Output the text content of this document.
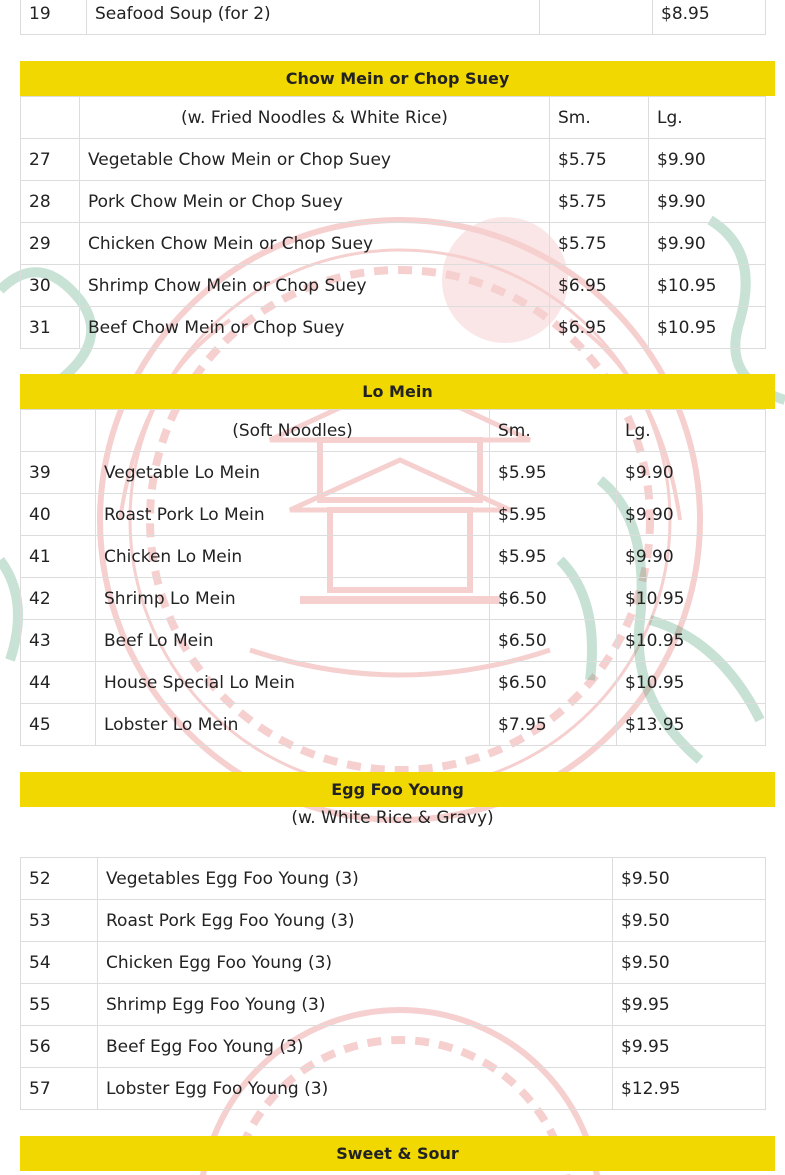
19	Seafood Soup (for 2)		$8.95
Chow Mein or Chop Suey
	(w. Fried Noodles & White Rice)	Sm.	Lg.
27	Vegetable Chow Mein or Chop Suey	$5.75	$9.90
28	Pork Chow Mein or Chop Suey	$5.75	$9.90
29	Chicken Chow Mein or Chop Suey	$5.75	$9.90
30	Shrimp Chow Mein or Chop Suey	$6.95	$10.95
31	Beef Chow Mein or Chop Suey	$6.95	$10.95
Lo Mein
	(Soft Noodles)	Sm.	Lg.
39	Vegetable Lo Mein	$5.95	$9.90
40	Roast Pork Lo Mein	$5.95	$9.90
41	Chicken Lo Mein	$5.95	$9.90
42	Shrimp Lo Mein	$6.50	$10.95
43	Beef Lo Mein	$6.50	$10.95
44	House Special Lo Mein	$6.50	$10.95
45	Lobster Lo Mein	$7.95	$13.95
Egg Foo Young
(w. White Rice & Gravy)
52	Vegetables Egg Foo Young (3)	$9.50
53	Roast Pork Egg Foo Young (3)	$9.50
54	Chicken Egg Foo Young (3)	$9.50
55	Shrimp Egg Foo Young (3)	$9.95
56	Beef Egg Foo Young (3)	$9.95
57	Lobster Egg Foo Young (3)	$12.95
Sweet & Sour
